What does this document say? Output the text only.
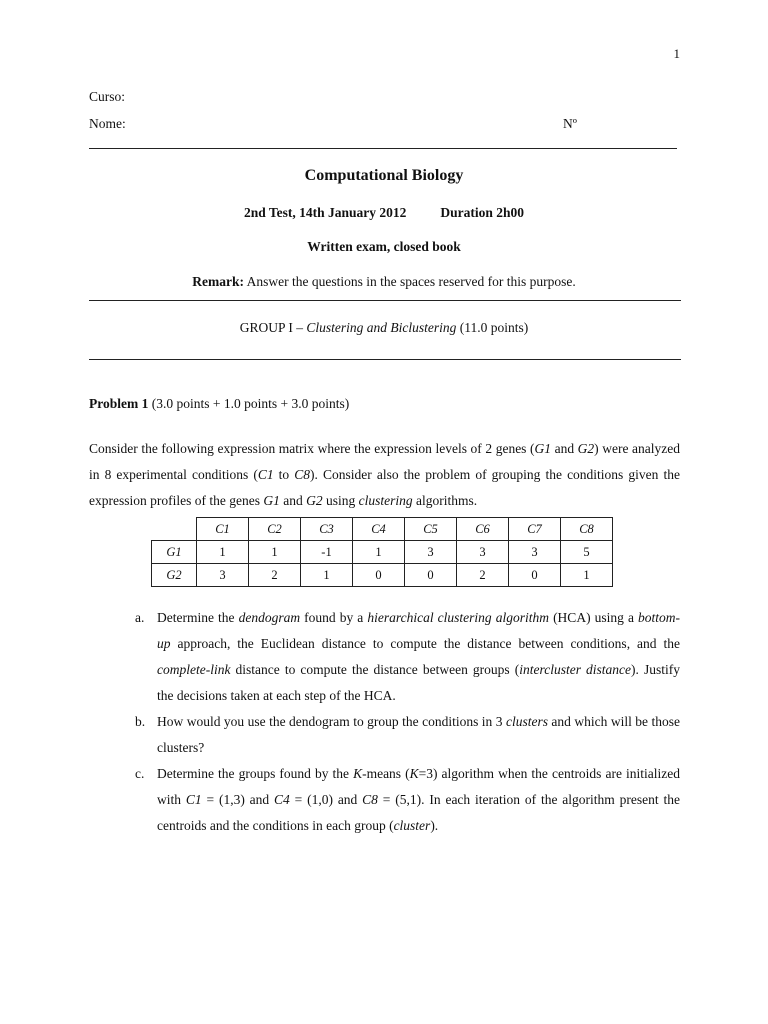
1
Curso:
Nome:	Nº
Computational Biology
2nd Test, 14th January 2012	Duration 2h00
Written exam, closed book
Remark: Answer the questions in the spaces reserved for this purpose.
GROUP I – Clustering and Biclustering (11.0 points)
Problem 1 (3.0 points + 1.0 points + 3.0 points)
Consider the following expression matrix where the expression levels of 2 genes (G1 and G2) were analyzed in 8 experimental conditions (C1 to C8). Consider also the problem of grouping the conditions given the expression profiles of the genes G1 and G2 using clustering algorithms.
	C1	C2	C3	C4	C5	C6	C7	C8
G1	1	1	-1	1	3	3	3	5
G2	3	2	1	0	0	2	0	1
a. Determine the dendogram found by a hierarchical clustering algorithm (HCA) using a bottom-up approach, the Euclidean distance to compute the distance between conditions, and the complete-link distance to compute the distance between groups (intercluster distance). Justify the decisions taken at each step of the HCA.
b. How would you use the dendogram to group the conditions in 3 clusters and which will be those clusters?
c. Determine the groups found by the K-means (K=3) algorithm when the centroids are initialized with C1 = (1,3) and C4 = (1,0) and C8 = (5,1). In each iteration of the algorithm present the centroids and the conditions in each group (cluster).
